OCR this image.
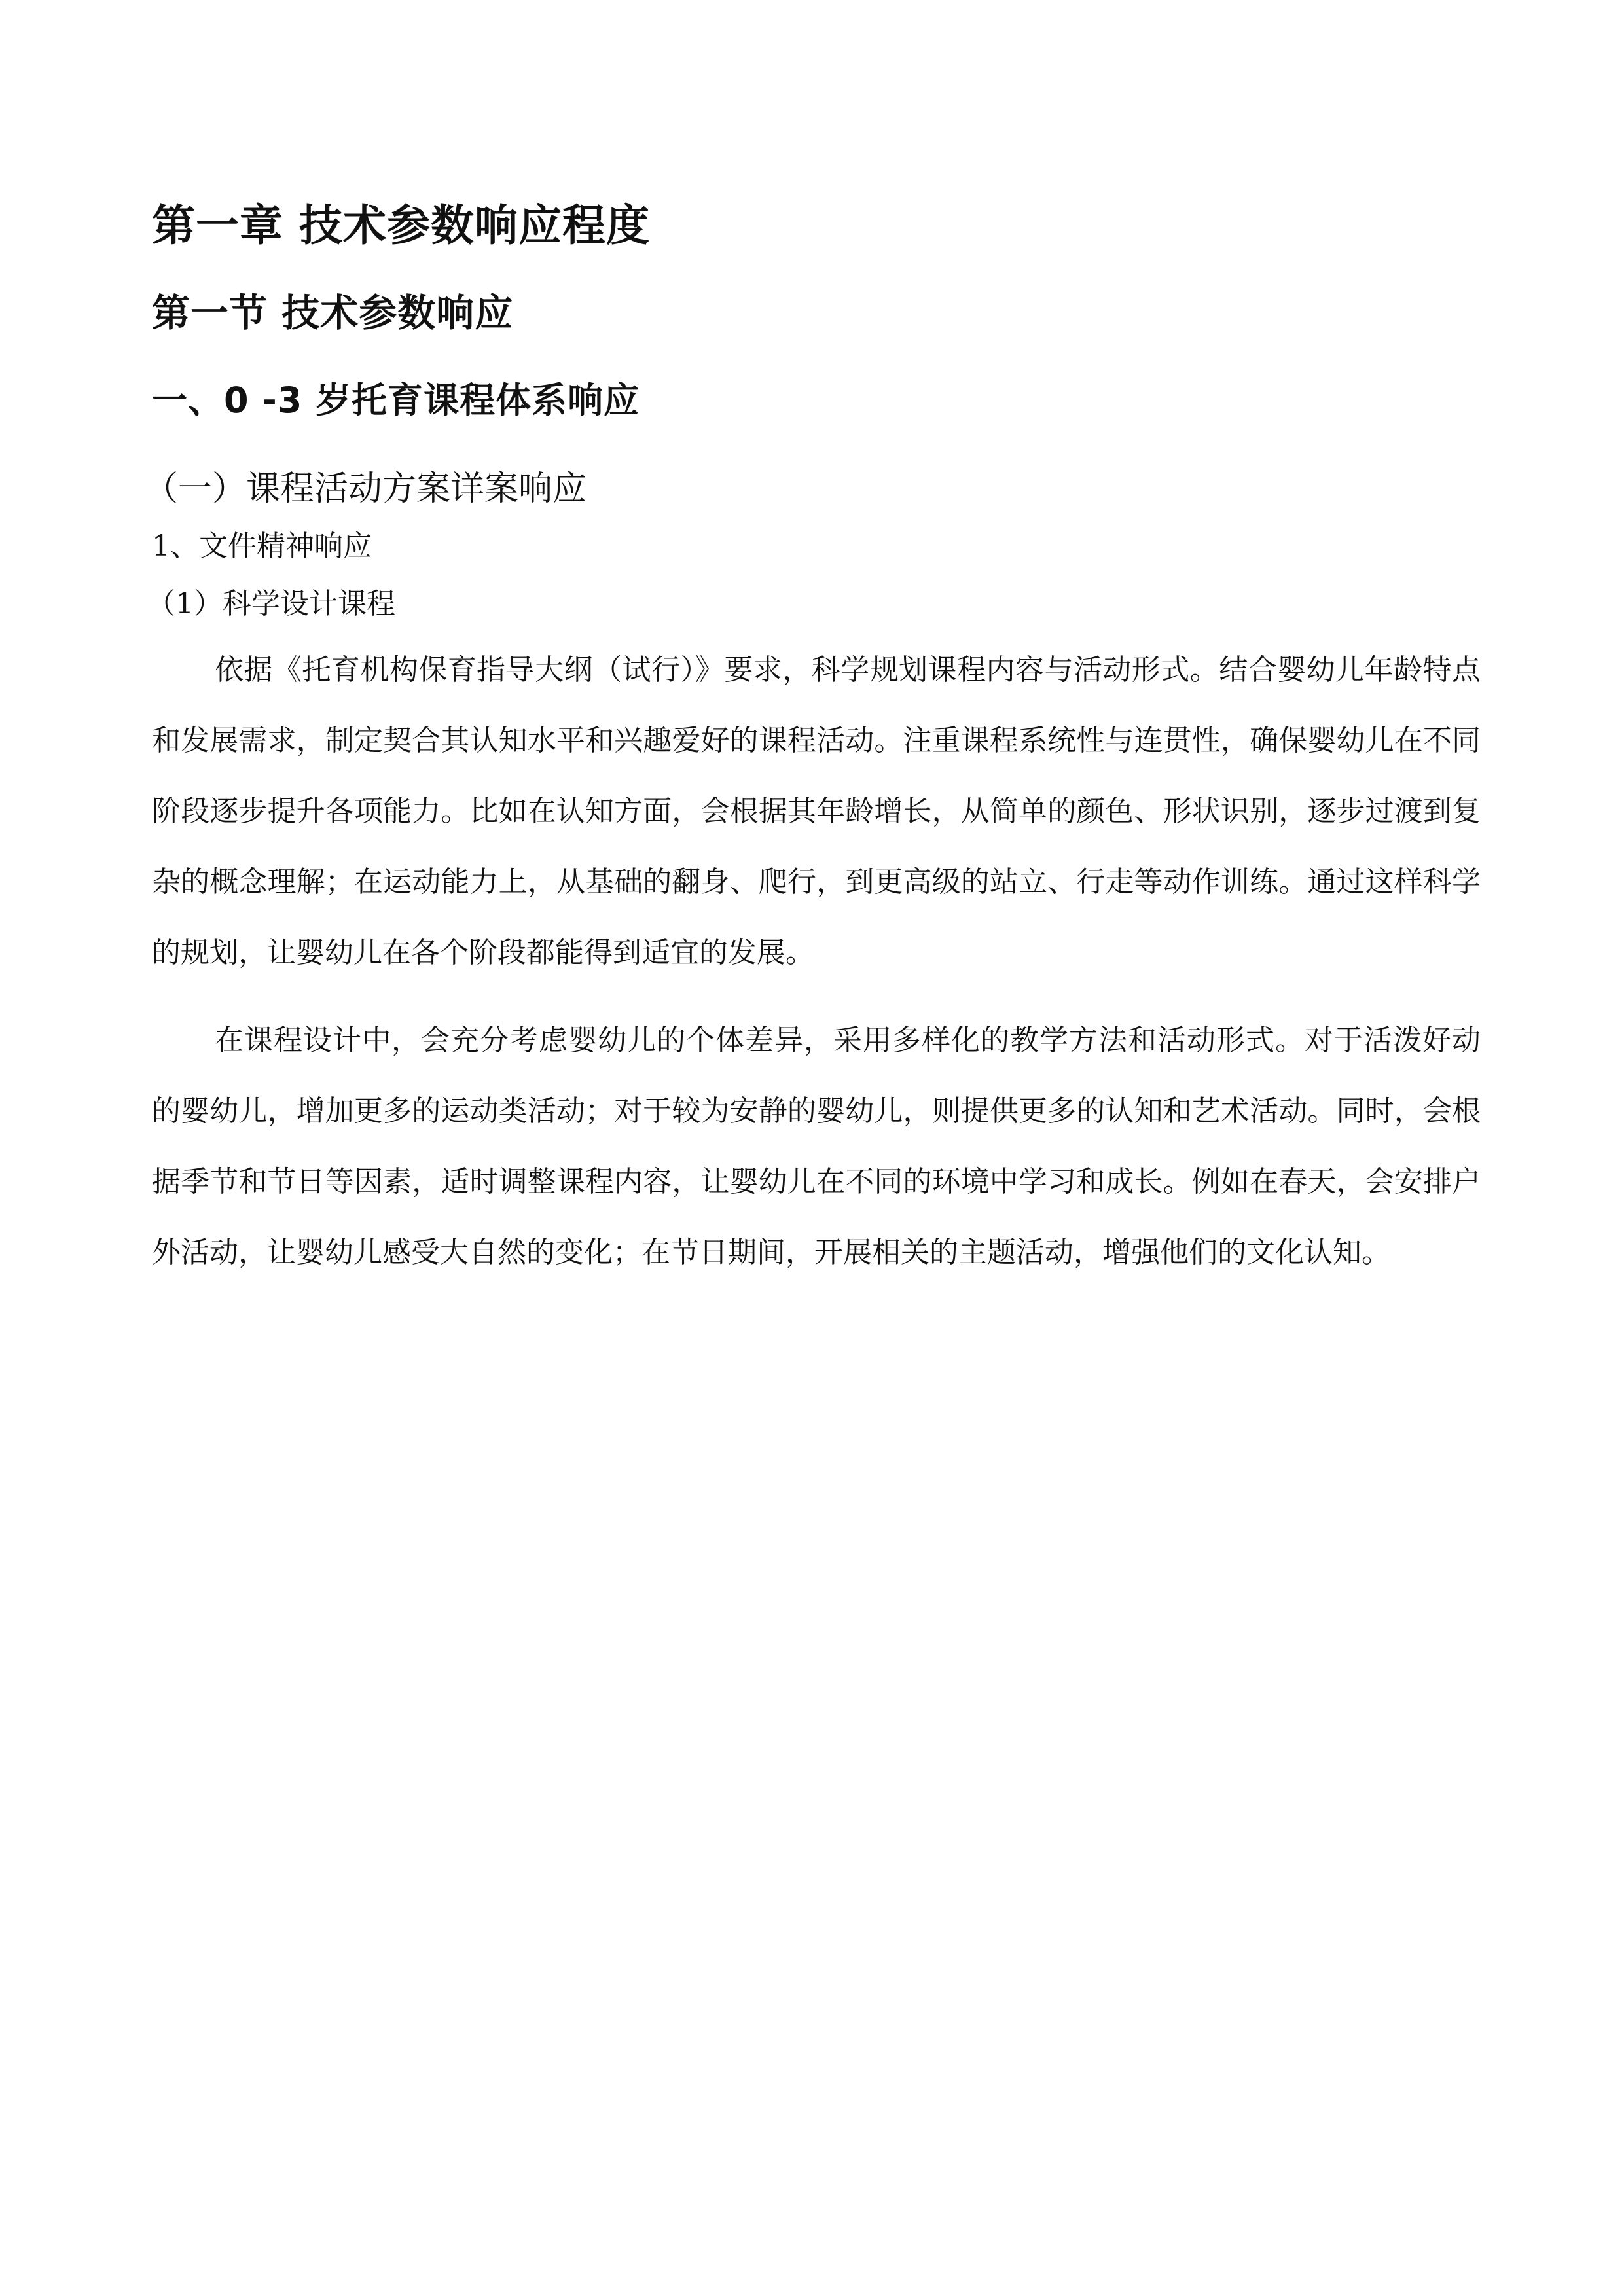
第一章 技术参数响应程度
第一节 技术参数响应
一、0 -3 岁托育课程体系响应
（一）课程活动方案详案响应
1、文件精神响应
（1）科学设计课程

依据《托育机构保育指导大纲（试行）》要求，科学规划课程内容与活动形式。结合婴幼儿年龄特点和发展需求，制定契合其认知水平和兴趣爱好的课程活动。注重课程系统性与连贯性，确保婴幼儿在不同阶段逐步提升各项能力。比如在认知方面，会根据其年龄增长，从简单的颜色、形状识别，逐步过渡到复杂的概念理解；在运动能力上，从基础的翻身、爬行，到更高级的站立、行走等动作训练。通过这样科学的规划，让婴幼儿在各个阶段都能得到适宜的发展。

在课程设计中，会充分考虑婴幼儿的个体差异，采用多样化的教学方法和活动形式。对于活泼好动的婴幼儿，增加更多的运动类活动；对于较为安静的婴幼儿，则提供更多的认知和艺术活动。同时，会根据季节和节日等因素，适时调整课程内容，让婴幼儿在不同的环境中学习和成长。例如在春天，会安排户外活动，让婴幼儿感受大自然的变化；在节日期间，开展相关的主题活动，增强他们的文化认知。
